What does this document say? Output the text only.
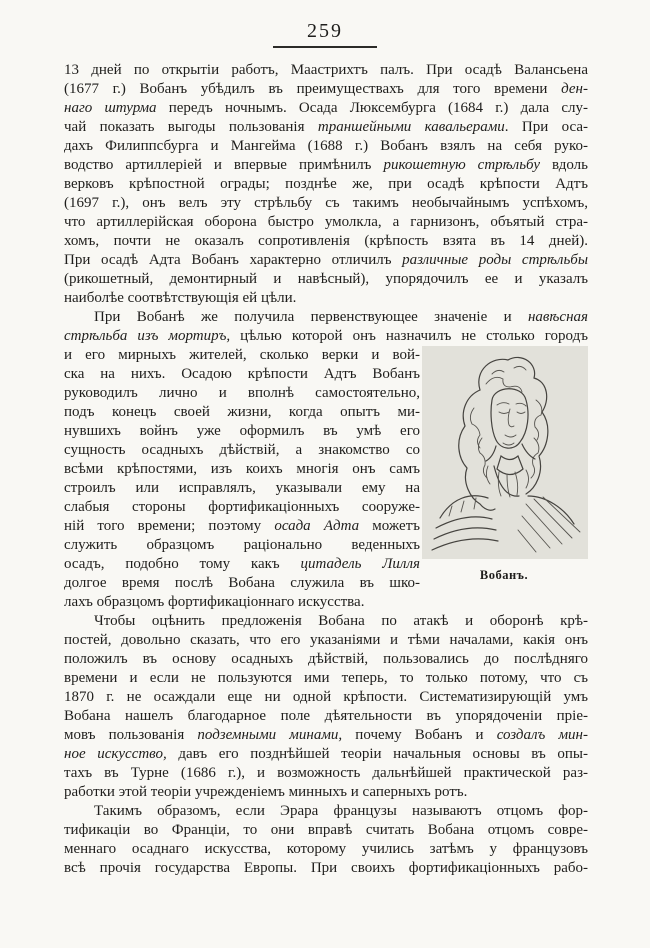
259
13 дней по открытіи работъ, Маастрихтъ палъ. При осадѣ Валансьена
(1677 г.) Вобанъ убѣдилъ въ преимуществахъ для того времени ден-
наго штурма передъ ночнымъ. Осада Люксембурга (1684 г.) дала слу-
чай показать выгоды пользованія траншейными кавальерами. При оса-
дахъ Филиппсбурга и Мангейма (1688 г.) Вобанъ взялъ на себя руко-
водство артиллеріей и впервые примѣнилъ рикошетную стрѣльбу вдоль
верковъ крѣпостной ограды; позднѣе же, при осадѣ крѣпости Адтъ
(1697 г.), онъ велъ эту стрѣльбу съ такимъ необычайнымъ успѣхомъ,
что артиллерійская оборона быстро умолкла, а гарнизонъ, объятый стра-
хомъ, почти не оказалъ сопротивленія (крѣпость взята въ 14 дней).
При осадѣ Адта Вобанъ характерно отличилъ различные роды стрѣльбы
(рикошетный, демонтирный и навѣсный), упорядочилъ ее и указалъ
наиболѣе соотвѣтствующія ей цѣли.
При Вобанѣ же получила первенствующее значеніе и навѣсная
стрѣльба изъ мортиръ, цѣлью которой онъ назначилъ не столько городъ
Вобанъ.
и его мирныхъ жителей, сколько верки и вой-
ска на нихъ. Осадою крѣпости Адтъ Вобанъ
руководилъ лично и вполнѣ самостоятельно,
подъ конецъ своей жизни, когда опытъ ми-
нувшихъ войнъ уже оформилъ въ умѣ его
сущность осадныхъ дѣйствій, а знакомство со
всѣми крѣпостями, изъ коихъ многія онъ самъ
строилъ или исправлялъ, указывали ему на
слабыя стороны фортификаціонныхъ сооруже-
ній того времени; поэтому осада Адта можетъ
служить образцомъ раціонально веденныхъ
осадъ, подобно тому какъ цитадель Лилля
долгое время послѣ Вобана служила въ шко-
лахъ образцомъ фортификаціоннаго искусства.
Чтобы оцѣнить предложенія Вобана по атакѣ и оборонѣ крѣ-
постей, довольно сказать, что его указаніями и тѣми началами, какія онъ
положилъ въ основу осадныхъ дѣйствій, пользовались до послѣдняго
времени и если не пользуются ими теперь, то только потому, что съ
1870 г. не осаждали еще ни одной крѣпости. Систематизирующій умъ
Вобана нашелъ благодарное поле дѣятельности въ упорядоченіи пріе-
мовъ пользованія подземными минами, почему Вобанъ и создалъ мин-
ное искусство, давъ его позднѣйшей теоріи начальныя основы въ опы-
тахъ въ Турне (1686 г.), и возможность дальнѣйшей практической раз-
работки этой теоріи учрежденіемъ минныхъ и саперныхъ ротъ.
Такимъ образомъ, если Эрара французы называютъ отцомъ фор-
тификаціи во Франціи, то они вправѣ считать Вобана отцомъ совре-
меннаго осаднаго искусства, которому учились затѣмъ у французовъ
всѣ прочія государства Европы. При своихъ фортификаціонныхъ рабо-
